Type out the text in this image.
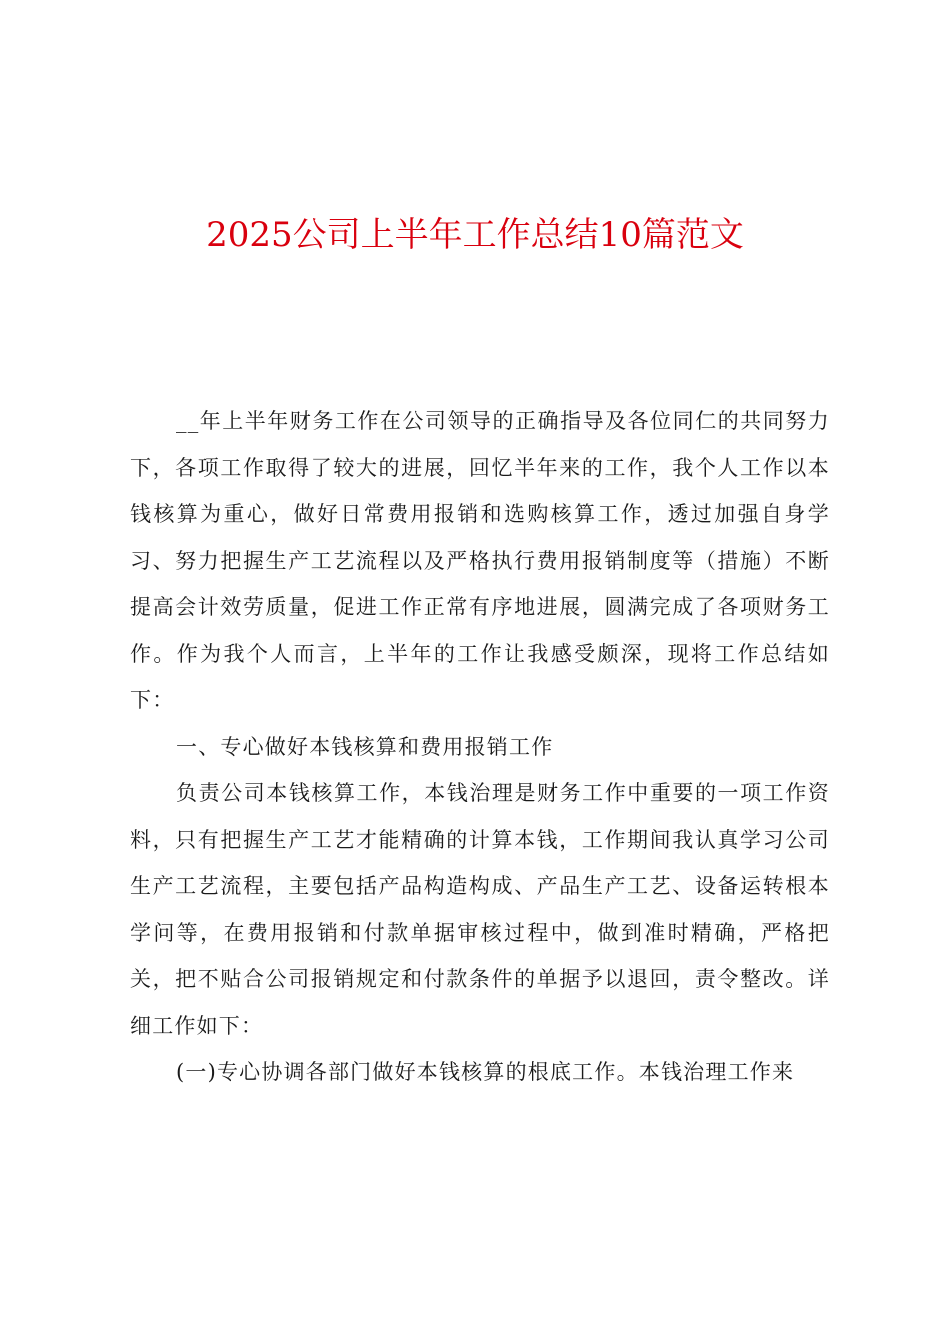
2025公司上半年工作总结10篇范文

__年上半年财务工作在公司领导的正确指导及各位同仁的共同努力下，各项工作取得了较大的进展，回忆半年来的工作，我个人工作以本钱核算为重心，做好日常费用报销和选购核算工作，透过加强自身学习、努力把握生产工艺流程以及严格执行费用报销制度等（措施）不断提高会计效劳质量，促进工作正常有序地进展，圆满完成了各项财务工作。作为我个人而言，上半年的工作让我感受颇深，现将工作总结如下：

一、专心做好本钱核算和费用报销工作

负责公司本钱核算工作，本钱治理是财务工作中重要的一项工作资料，只有把握生产工艺才能精确的计算本钱，工作期间我认真学习公司生产工艺流程，主要包括产品构造构成、产品生产工艺、设备运转根本学问等，在费用报销和付款单据审核过程中，做到准时精确，严格把关，把不贴合公司报销规定和付款条件的单据予以退回，责令整改。详细工作如下：

(一)专心协调各部门做好本钱核算的根底工作。本钱治理工作来
